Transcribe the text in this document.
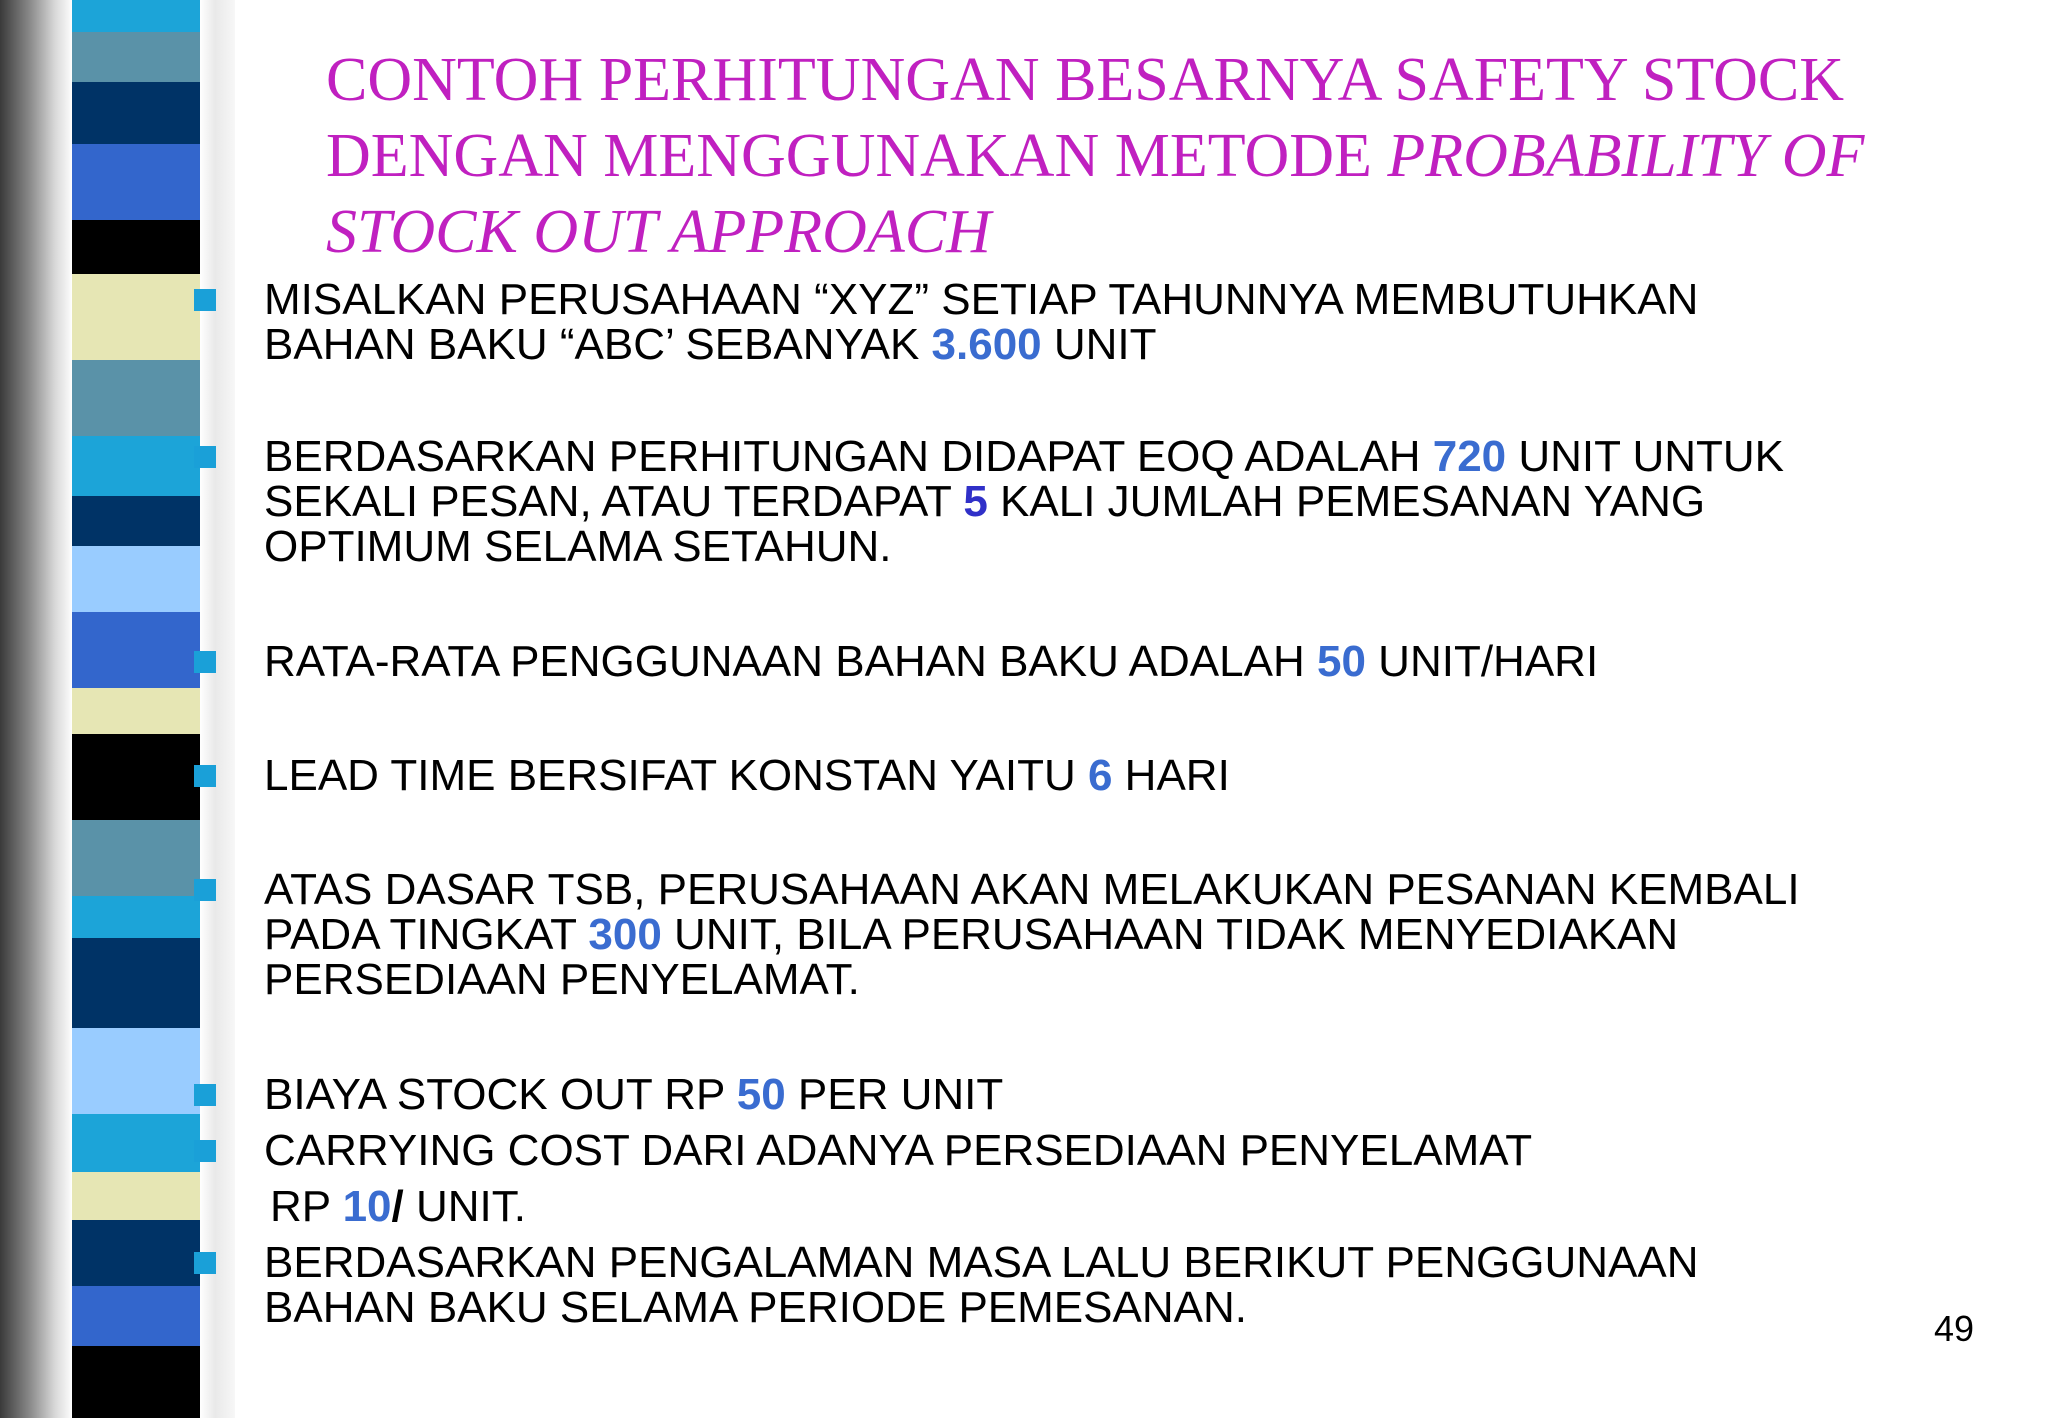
CONTOH PERHITUNGAN BESARNYA SAFETY STOCK
DENGAN MENGGUNAKAN METODE PROBABILITY OF
STOCK OUT APPROACH
MISALKAN PERUSAHAAN “XYZ” SETIAP TAHUNNYA MEMBUTUHKAN BAHAN BAKU “ABC’ SEBANYAK 3.600 UNIT
BERDASARKAN PERHITUNGAN DIDAPAT EOQ ADALAH 720 UNIT UNTUK SEKALI PESAN, ATAU TERDAPAT 5 KALI JUMLAH PEMESANAN YANG OPTIMUM SELAMA SETAHUN.
RATA-RATA PENGGUNAAN BAHAN BAKU ADALAH 50 UNIT/HARI
LEAD TIME BERSIFAT KONSTAN YAITU 6 HARI
ATAS DASAR TSB, PERUSAHAAN AKAN MELAKUKAN PESANAN KEMBALI PADA TINGKAT 300 UNIT, BILA PERUSAHAAN TIDAK MENYEDIAKAN PERSEDIAAN PENYELAMAT.
BIAYA STOCK OUT RP 50 PER UNIT
CARRYING COST DARI ADANYA PERSEDIAAN PENYELAMAT
RP 10/ UNIT.
BERDASARKAN PENGALAMAN MASA LALU BERIKUT PENGGUNAAN BAHAN BAKU SELAMA PERIODE PEMESANAN.	49
